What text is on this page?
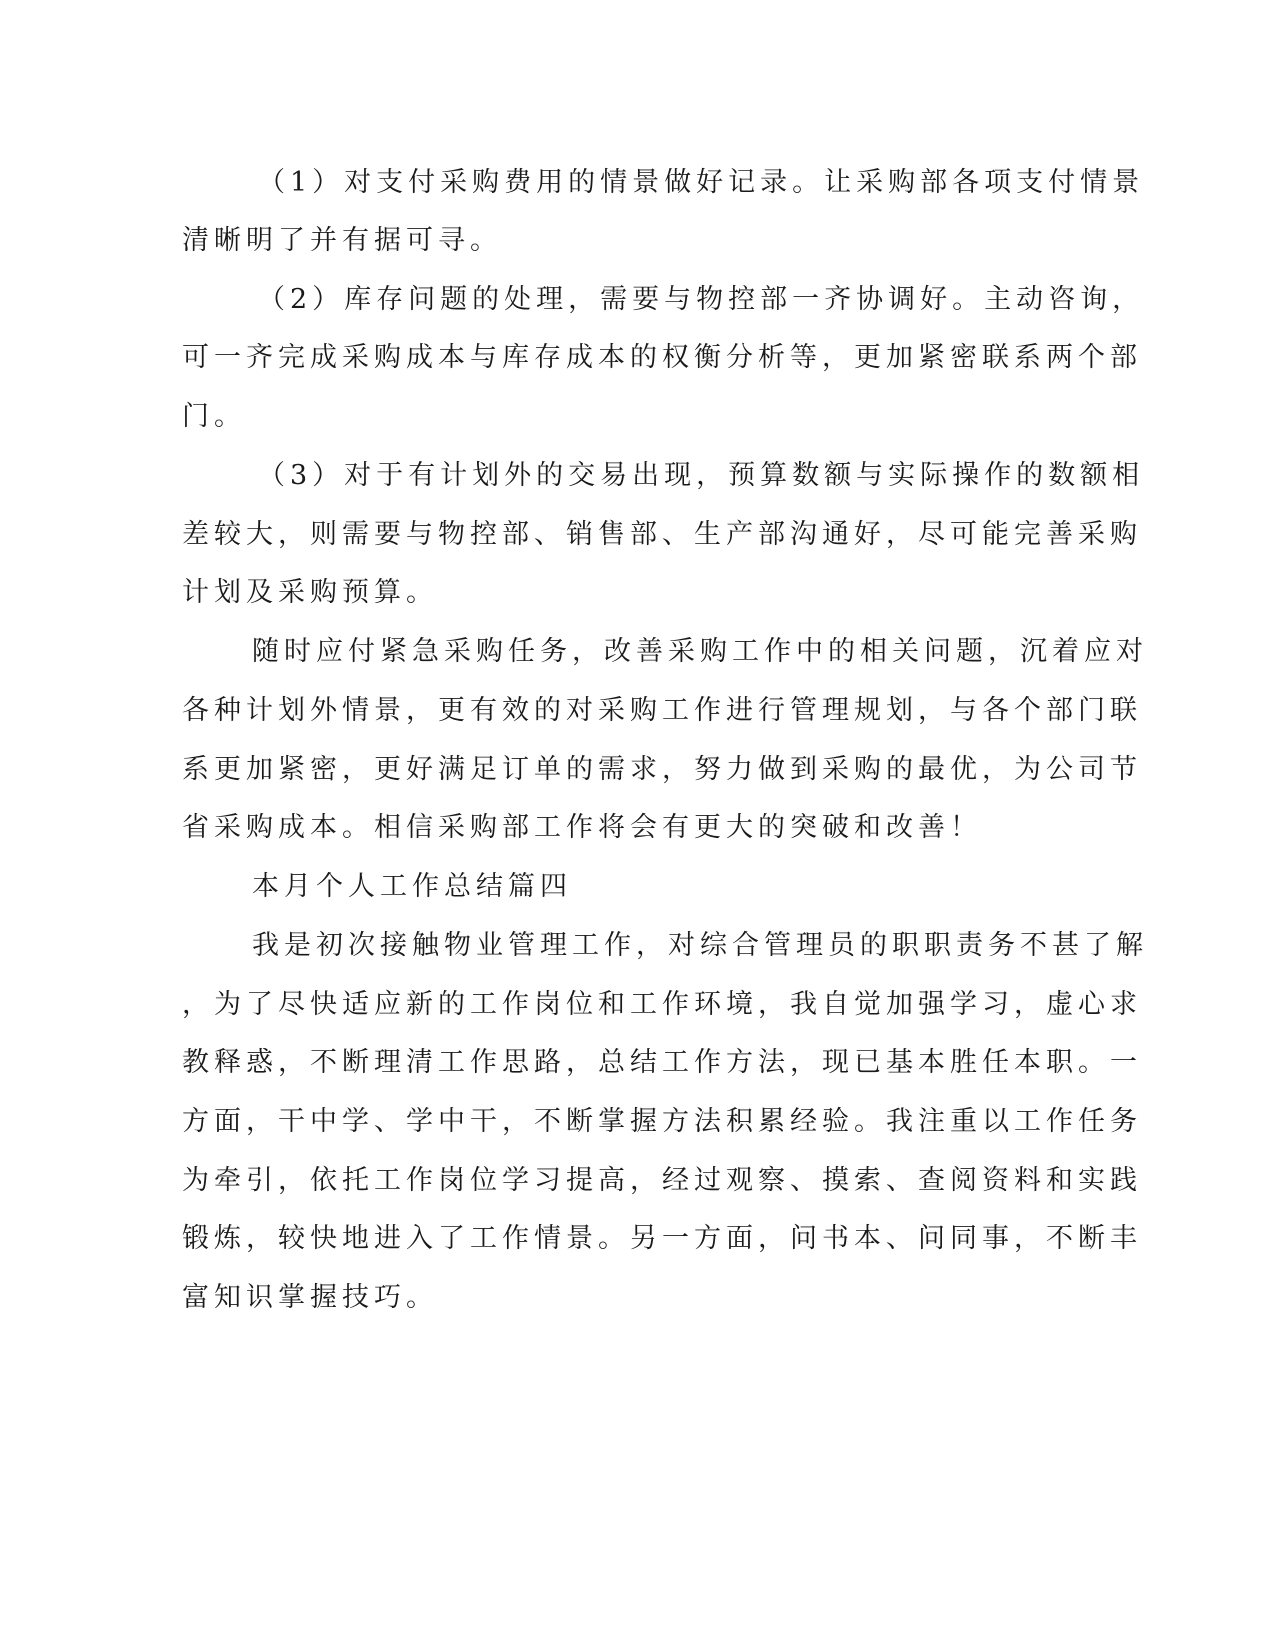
（1）对支付采购费用的情景做好记录。让采购部各项支付情景
清晰明了并有据可寻。
（2）库存问题的处理，需要与物控部一齐协调好。主动咨询，
可一齐完成采购成本与库存成本的权衡分析等，更加紧密联系两个部
门。
（3）对于有计划外的交易出现，预算数额与实际操作的数额相
差较大，则需要与物控部、销售部、生产部沟通好，尽可能完善采购
计划及采购预算。
随时应付紧急采购任务，改善采购工作中的相关问题，沉着应对
各种计划外情景，更有效的对采购工作进行管理规划，与各个部门联
系更加紧密，更好满足订单的需求，努力做到采购的最优，为公司节
省采购成本。相信采购部工作将会有更大的突破和改善！
本月个人工作总结篇四
我是初次接触物业管理工作，对综合管理员的职职责务不甚了解
，为了尽快适应新的工作岗位和工作环境，我自觉加强学习，虚心求
教释惑，不断理清工作思路，总结工作方法，现已基本胜任本职。一
方面，干中学、学中干，不断掌握方法积累经验。我注重以工作任务
为牵引，依托工作岗位学习提高，经过观察、摸索、查阅资料和实践
锻炼，较快地进入了工作情景。另一方面，问书本、问同事，不断丰
富知识掌握技巧。
